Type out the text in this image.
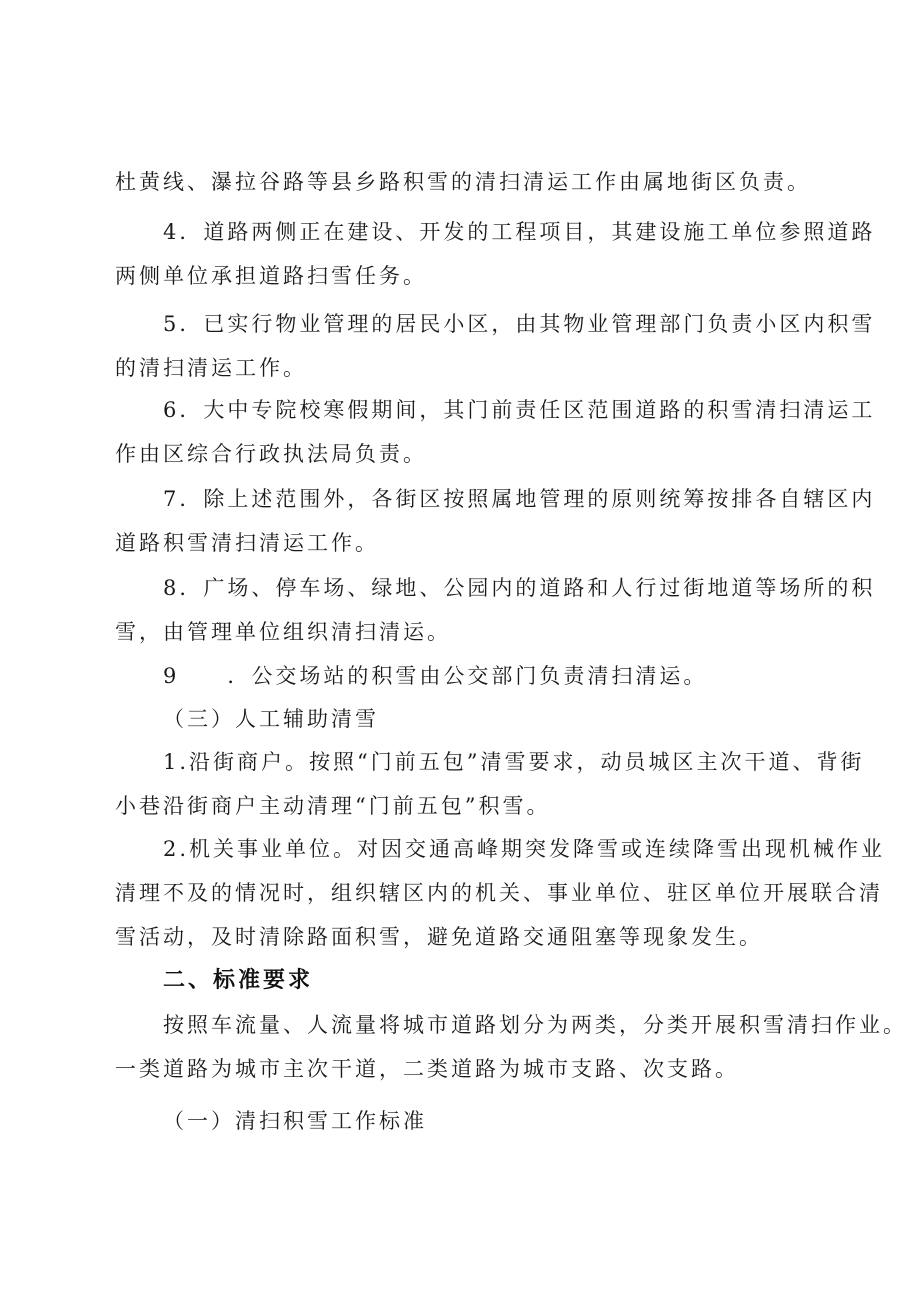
杜黄线、瀑拉谷路等县乡路积雪的清扫清运工作由属地街区负责。
4．道路两侧正在建设、开发的工程项目，其建设施工单位参照道路
两侧单位承担道路扫雪任务。
5．已实行物业管理的居民小区，由其物业管理部门负责小区内积雪
的清扫清运工作。
6．大中专院校寒假期间，其门前责任区范围道路的积雪清扫清运工
作由区综合行政执法局负责。
7．除上述范围外，各街区按照属地管理的原则统筹按排各自辖区内
道路积雪清扫清运工作。
8．广场、停车场、绿地、公园内的道路和人行过街地道等场所的积
雪，由管理单位组织清扫清运。
9　　．公交场站的积雪由公交部门负责清扫清运。
（三）人工辅助清雪
1.沿街商户。按照“门前五包”清雪要求，动员城区主次干道、背街
小巷沿街商户主动清理“门前五包”积雪。
2.机关事业单位。对因交通高峰期突发降雪或连续降雪出现机械作业
清理不及的情况时，组织辖区内的机关、事业单位、驻区单位开展联合清
雪活动，及时清除路面积雪，避免道路交通阻塞等现象发生。
二、标准要求
按照车流量、人流量将城市道路划分为两类，分类开展积雪清扫作业。
一类道路为城市主次干道，二类道路为城市支路、次支路。
（一）清扫积雪工作标准
